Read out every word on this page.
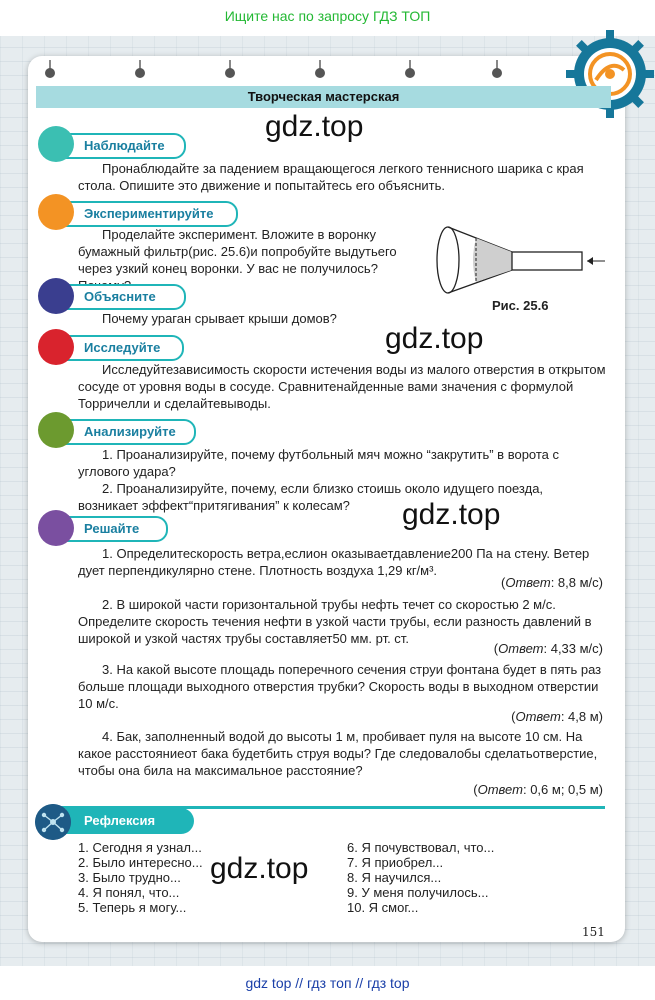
Ищите нас по запросу ГДЗ ТОП
Творческая мастерская
gdz.top
gdz.top
gdz.top
gdz.top
Наблюдайте
Пронаблюдайте за падением вращающегося легкого теннисного шарика с края стола. Опишите это движение и попытайтесь его объяснить.
Экспериментируйте
Проделайте эксперимент. Вложите в воронку бумажный фильтр(рис. 25.6)и попробуйте выдутьего через узкий конец воронки. У вас не получилось?
Рис. 25.6
Объясните
Почему ураган срывает крыши домов?
Исследуйте
Исследуйтезависимость скорости истечения воды из малого отверстия в открытом сосуде от уровня воды в сосуде. Сравнитенайденные вами значения с формулой Торричелли и сделайтевыводы.
Анализируйте
1. Проанализируйте, почему футбольный мяч можно “закрутить” в ворота с углового удара?
2. Проанализируйте, почему, если близко стоишь около идущего поезда, возникает эффект“притягивания” к колесам?
Решайте
1. Определитескорость ветра,еслион оказываетдавление200 Па на стену. Ветер дует перпендикулярно стене. Плотность воздуха 1,29 кг/м³.
(Ответ: 8,8 м/с)
2. В широкой части горизонтальной трубы нефть течет со скоростью 2 м/с. Определите скорость течения нефти в узкой части трубы, если разность давлений в широкой и узкой частях трубы составляет50 мм. рт. ст.
(Ответ: 4,33 м/с)
3. На какой высоте площадь поперечного сечения струи фонтана будет в пять раз больше площади выходного отверстия трубки? Скорость воды в выходном отверстии 10 м/с.
(Ответ: 4,8 м)
4. Бак, заполненный водой до высоты 1 м, пробивает пуля на высоте 10 см. На какое расстояниеот бака будетбить струя воды? Где следовалобы сделатьотверстие, чтобы она била на максимальное расстояние?
(Ответ: 0,6 м; 0,5 м)
Рефлексия
1. Сегодня я узнал...
2. Было интересно...
3. Было трудно...
4. Я понял, что...
5. Теперь я могу...
6. Я почувствовал, что...
7. Я приобрел...
8. Я научился...
9. У меня получилось...
10. Я смог...
151
gdz top // гдз топ // гдз top
